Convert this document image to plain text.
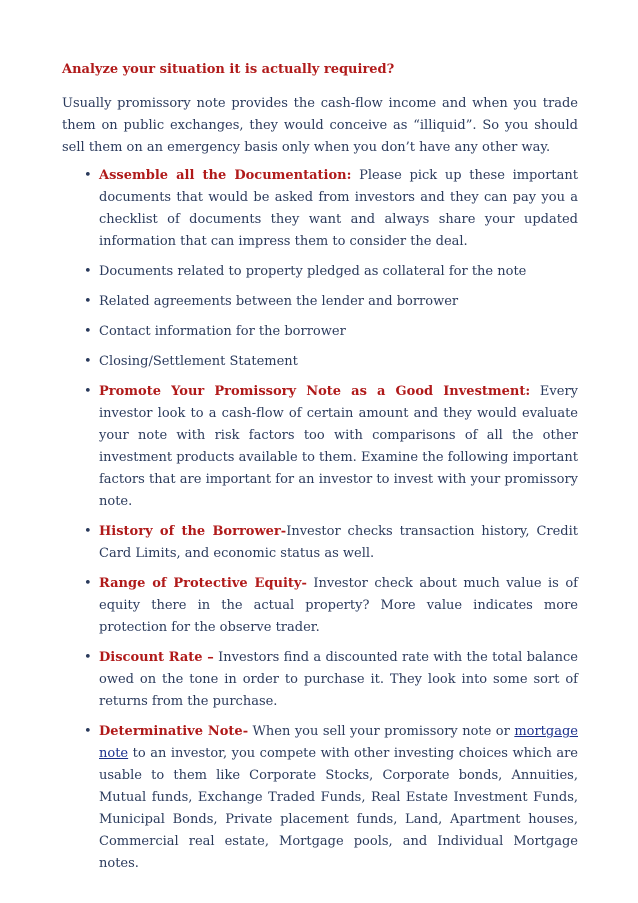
Analyze your situation it is actually required?

Usually promissory note provides the cash-flow income and when you trade them on public exchanges, they would conceive as “illiquid”. So you should sell them on an emergency basis only when you don’t have any other way.

• Assemble all the Documentation: Please pick up these important documents that would be asked from investors and they can pay you a checklist of documents they want and always share your updated information that can impress them to consider the deal.
• Documents related to property pledged as collateral for the note
• Related agreements between the lender and borrower
• Contact information for the borrower
• Closing/Settlement Statement
• Promote Your Promissory Note as a Good Investment: Every investor look to a cash-flow of certain amount and they would evaluate your note with risk factors too with comparisons of all the other investment products available to them. Examine the following important factors that are important for an investor to invest with your promissory note.
• History of the Borrower-Investor checks transaction history, Credit Card Limits, and economic status as well.
• Range of Protective Equity- Investor check about much value is of equity there in the actual property? More value indicates more protection for the observe trader.
• Discount Rate – Investors find a discounted rate with the total balance owed on the tone in order to purchase it. They look into some sort of returns from the purchase.
• Determinative Note- When you sell your promissory note or mortgage note to an investor, you compete with other investing choices which are usable to them like Corporate Stocks, Corporate bonds, Annuities, Mutual funds, Exchange Traded Funds, Real Estate Investment Funds, Municipal Bonds, Private placement funds, Land, Apartment houses, Commercial real estate, Mortgage pools, and Individual Mortgage notes.
